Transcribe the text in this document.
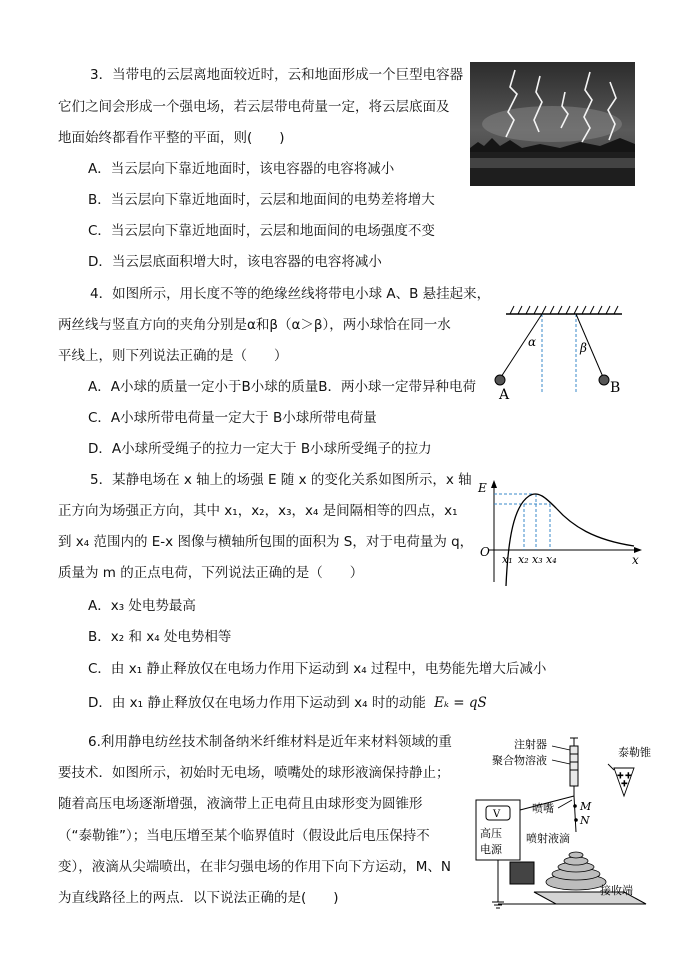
3．当带电的云层离地面较近时，云和地面形成一个巨型电容器
它们之间会形成一个强电场，若云层带电荷量一定，将云层底面及
地面始终都看作平整的平面，则(　　)
A．当云层向下靠近地面时，该电容器的电容将减小
B．当云层向下靠近地面时，云层和地面间的电势差将增大
C．当云层向下靠近地面时，云层和地面间的电场强度不变
D．当云层底面积增大时，该电容器的电容将减小
4．如图所示，用长度不等的绝缘丝线将带电小球 A、B 悬挂起来，
两丝线与竖直方向的夹角分别是α和β（α＞β），两小球恰在同一水
平线上，则下列说法正确的是（　　）
A．A小球的质量一定小于B小球的质量B．两小球一定带异种电荷
C．A小球所带电荷量一定大于 B小球所带电荷量
D．A小球所受绳子的拉力一定大于 B小球所受绳子的拉力
α	β
A	B
5．某静电场在 x 轴上的场强 E 随 x 的变化关系如图所示，x 轴
正方向为场强正方向，其中 x₁，x₂，x₃，x₄ 是间隔相等的四点，x₁
到 x₄ 范围内的 E-x 图像与横轴所包围的面积为 S，对于电荷量为 q，
质量为 m 的正点电荷，下列说法正确的是（　　）
A．x₃ 处电势最高
B．x₂ 和 x₄ 处电势相等
C．由 x₁ 静止释放仅在电场力作用下运动到 x₄ 过程中，电势能先增大后减小
D．由 x₁ 静止释放仅在电场力作用下运动到 x₄ 时的动能 Eₖ = qS
E
O
x
x₁ x₂ x₃ x₄
6.利用静电纺丝技术制备纳米纤维材料是近年来材料领域的重
要技术．如图所示，初始时无电场，喷嘴处的球形液滴保持静止；
随着高压电场逐渐增强，液滴带上正电荷且由球形变为圆锥形
（“泰勒锥”）；当电压增至某个临界值时（假设此后电压保持不
变），液滴从尖端喷出，在非匀强电场的作用下向下方运动，M、N
为直线路径上的两点．以下说法正确的是(　　)
注射器
聚合物溶液
泰勒锥
+ +
+
喷嘴 M
N
V
高压
电源
喷射液滴
接收端
